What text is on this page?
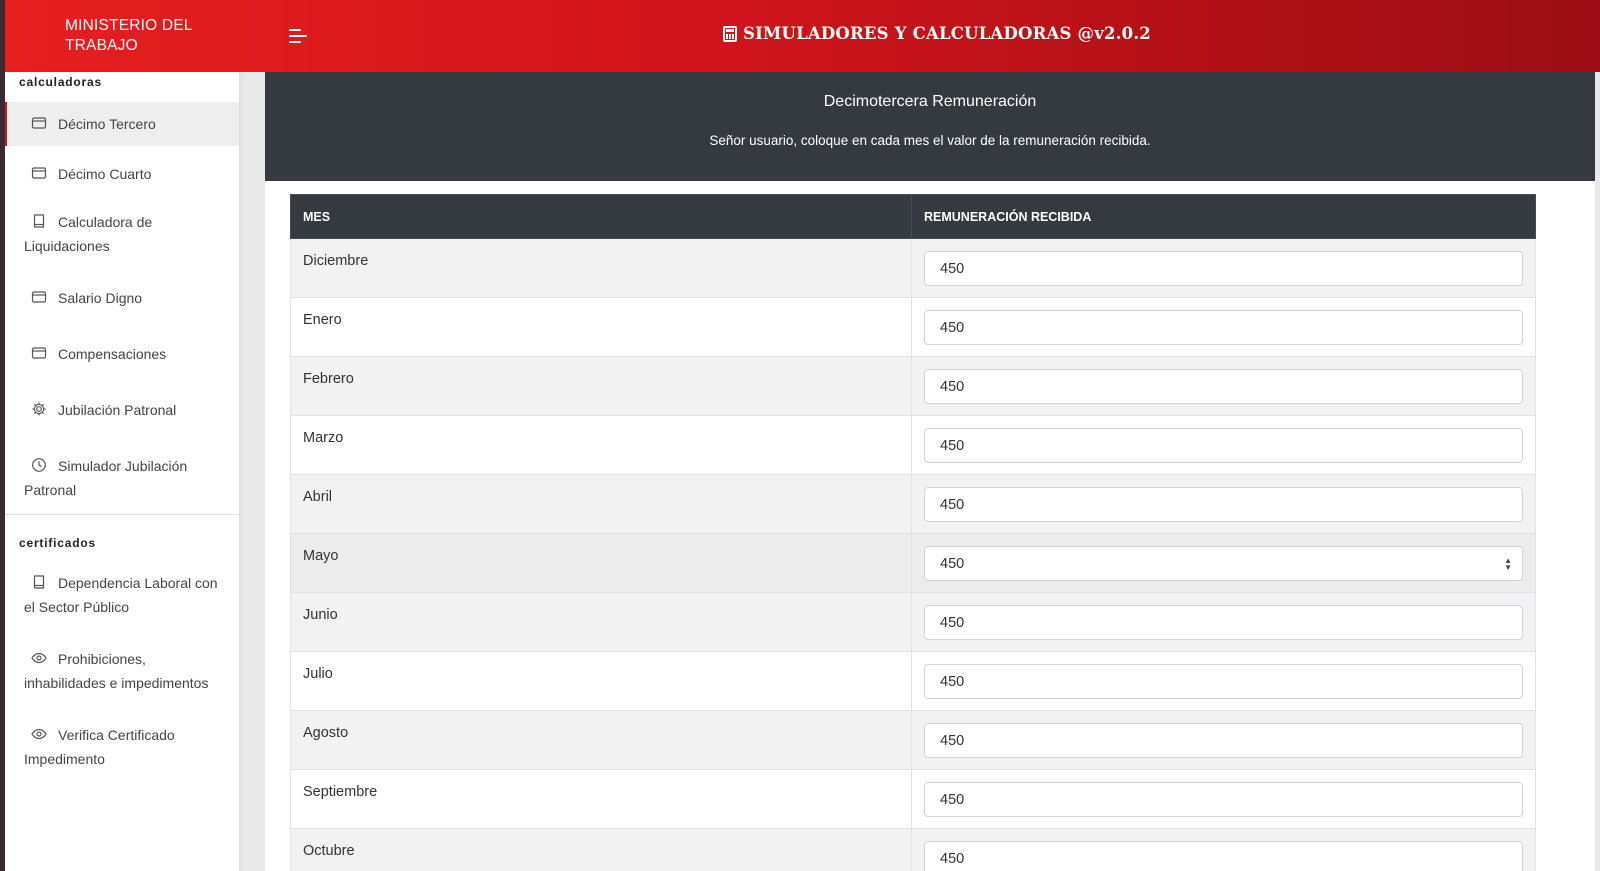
MINISTERIO DEL
TRABAJO
SIMULADORES Y CALCULADORAS @v2.0.2
calculadoras
Décimo Tercero
Décimo Cuarto
Calculadora de Liquidaciones
Salario Digno
Compensaciones
Jubilación Patronal
Simulador Jubilación Patronal
certificados
Dependencia Laboral con el Sector Público
Prohibiciones, inhabilidades e impedimentos
Verifica Certificado Impedimento
Decimotercera Remuneración
Señor usuario, coloque en cada mes el valor de la remuneración recibida.
MES	REMUNERACIÓN RECIBIDA
Diciembre	450

Enero	450

Febrero	450

Marzo	450

Abril	450

Mayo	450 ▲
▼

Junio	450

Julio	450

Agosto	450

Septiembre	450

Octubre	450
